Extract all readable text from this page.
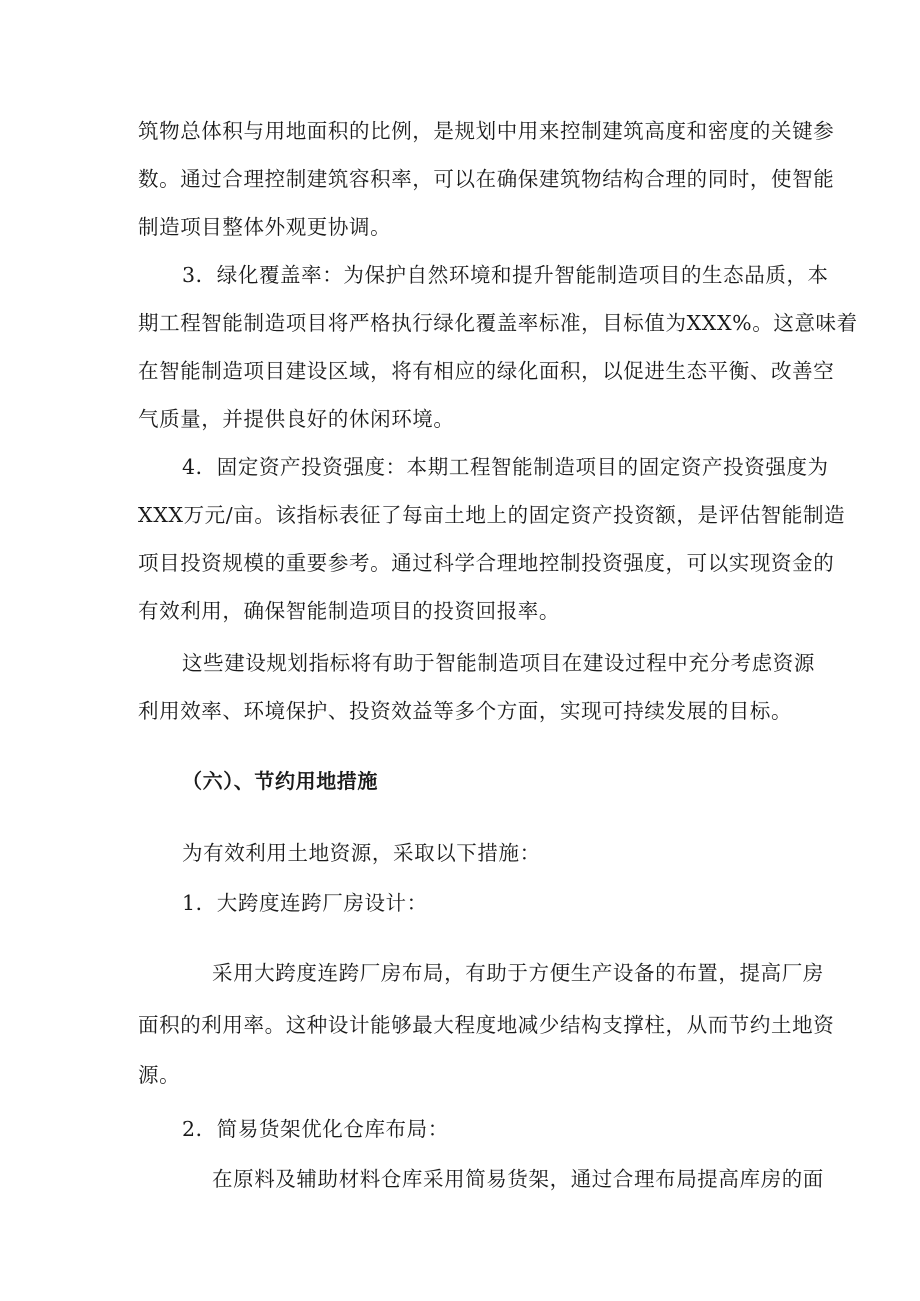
筑物总体积与用地面积的比例，是规划中用来控制建筑高度和密度的关键参
数。通过合理控制建筑容积率，可以在确保建筑物结构合理的同时，使智能
制造项目整体外观更协调。
3．绿化覆盖率：为保护自然环境和提升智能制造项目的生态品质，本
期工程智能制造项目将严格执行绿化覆盖率标准，目标值为XXX%。这意味着
在智能制造项目建设区域，将有相应的绿化面积，以促进生态平衡、改善空
气质量，并提供良好的休闲环境。
4．固定资产投资强度：本期工程智能制造项目的固定资产投资强度为
XXX万元/亩。该指标表征了每亩土地上的固定资产投资额，是评估智能制造
项目投资规模的重要参考。通过科学合理地控制投资强度，可以实现资金的
有效利用，确保智能制造项目的投资回报率。
这些建设规划指标将有助于智能制造项目在建设过程中充分考虑资源
利用效率、环境保护、投资效益等多个方面，实现可持续发展的目标。
（六）、节约用地措施
为有效利用土地资源，采取以下措施：
1．大跨度连跨厂房设计：
采用大跨度连跨厂房布局，有助于方便生产设备的布置，提高厂房
面积的利用率。这种设计能够最大程度地减少结构支撑柱，从而节约土地资
源。
2．简易货架优化仓库布局：
在原料及辅助材料仓库采用简易货架，通过合理布局提高库房的面
